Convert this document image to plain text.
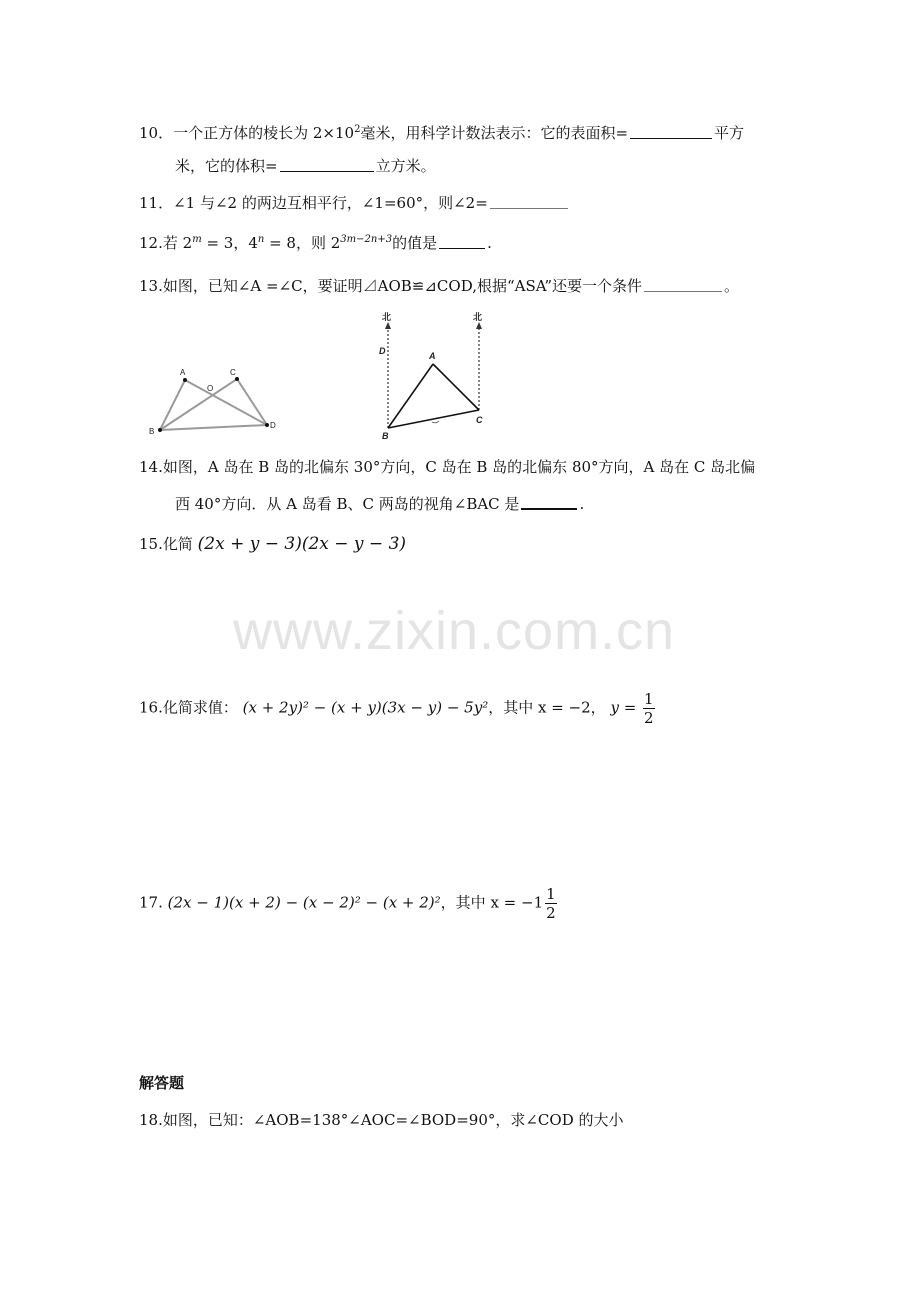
10．一个正方体的棱长为 $2\times 10^2$毫米，用科学计数法表示：它的表面积=	平方
米，它的体积=	立方米。
11．∠1 与∠2 的两边互相平行，∠1=60°，则∠2=
12.若 $2^m = 3$，$4^n = 8$，则 $2^{3m-2n+3}$的值是	.
13.如图，已知∠A =∠C，要证明⊿AOB≌⊿COD,根据“ASA”还要一个条件	。
A
O
C
B
D
北	北
D	A
B
C
14.如图，A 岛在 B 岛的北偏东 30°方向，C 岛在 B 岛的北偏东 80°方向，A 岛在 C 岛北偏
西 40°方向．从 A 岛看 B、C 两岛的视角∠BAC 是	.
15.化简 (2x + y − 3)(2x − y − 3)
www.zixin.com.cn
16.化简求值： (x + 2y)² − (x + y)(3x − y) − 5y²，其中 x = −2， $y = \frac{1}{2}$
17. (2x − 1)(x + 2) − (x − 2)² − (x + 2)²，其中 $x = -1 \frac{1}{2}$
解答题
18.如图，已知：∠AOB=138°∠AOC=∠BOD=90°，求∠COD 的大小
